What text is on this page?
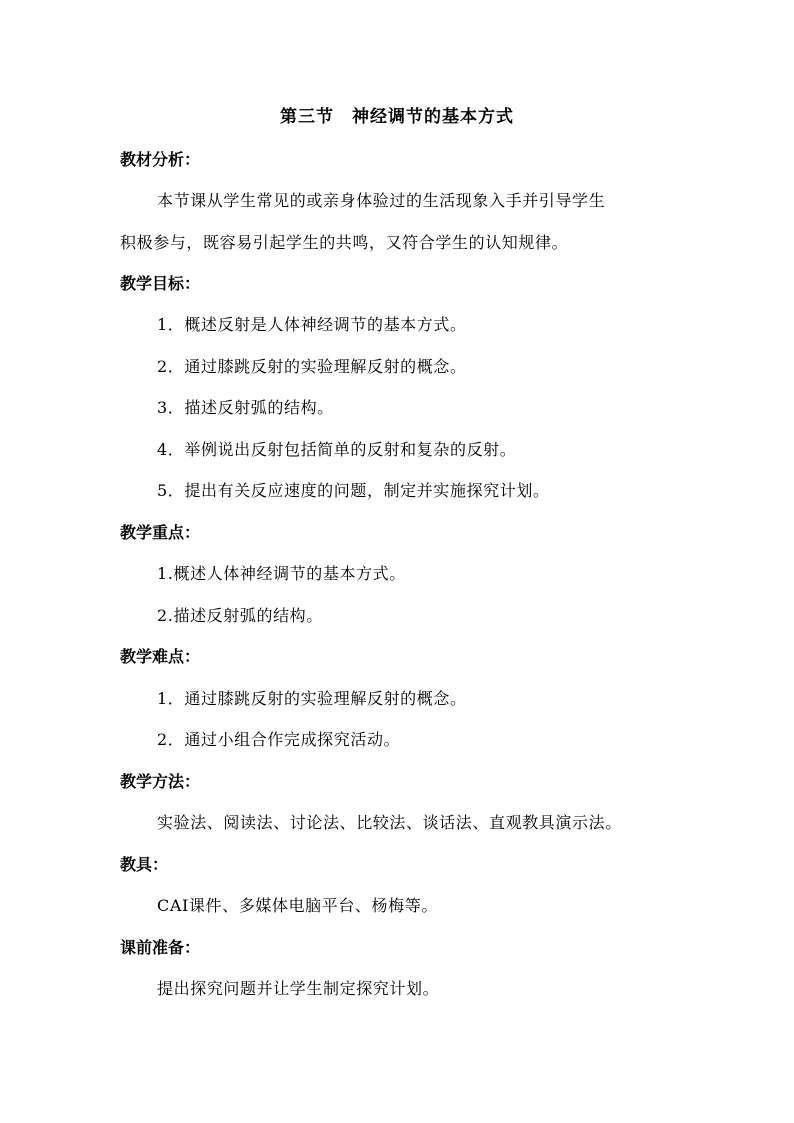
第三节 神经调节的基本方式
教材分析：
本节课从学生常见的或亲身体验过的生活现象入手并引导学生
积极参与，既容易引起学生的共鸣，又符合学生的认知规律。
教学目标：
1．概述反射是人体神经调节的基本方式。
2．通过膝跳反射的实验理解反射的概念。
3．描述反射弧的结构。
4．举例说出反射包括简单的反射和复杂的反射。
5．提出有关反应速度的问题，制定并实施探究计划。
教学重点：
1.概述人体神经调节的基本方式。
2.描述反射弧的结构。
教学难点：
1．通过膝跳反射的实验理解反射的概念。
2．通过小组合作完成探究活动。
教学方法：
实验法、阅读法、讨论法、比较法、谈话法、直观教具演示法。
教具：
CAI课件、多媒体电脑平台、杨梅等。
课前准备：
提出探究问题并让学生制定探究计划。
